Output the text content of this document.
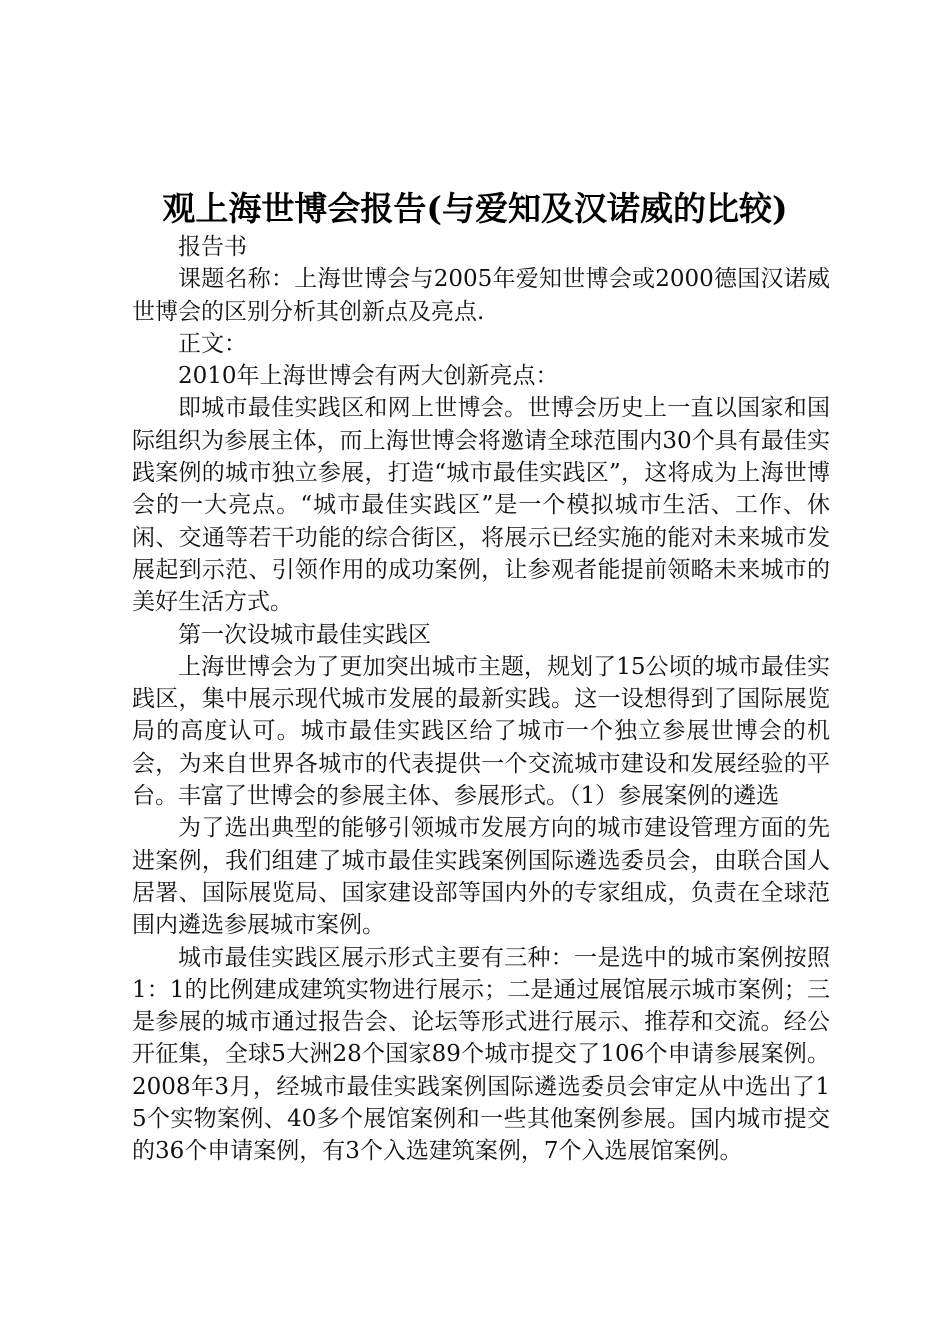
观上海世博会报告(与爱知及汉诺威的比较)

报告书

课题名称：上海世博会与2005年爱知世博会或2000德国汉诺威世博会的区别分析其创新点及亮点.

正文：

2010年上海世博会有两大创新亮点：

即城市最佳实践区和网上世博会。世博会历史上一直以国家和国际组织为参展主体，而上海世博会将邀请全球范围内30个具有最佳实践案例的城市独立参展，打造“城市最佳实践区”，这将成为上海世博会的一大亮点。“城市最佳实践区”是一个模拟城市生活、工作、休闲、交通等若干功能的综合街区，将展示已经实施的能对未来城市发展起到示范、引领作用的成功案例，让参观者能提前领略未来城市的美好生活方式。

第一次设城市最佳实践区

上海世博会为了更加突出城市主题，规划了15公顷的城市最佳实践区，集中展示现代城市发展的最新实践。这一设想得到了国际展览局的高度认可。城市最佳实践区给了城市一个独立参展世博会的机会，为来自世界各城市的代表提供一个交流城市建设和发展经验的平台。丰富了世博会的参展主体、参展形式。（1）参展案例的遴选

为了选出典型的能够引领城市发展方向的城市建设管理方面的先进案例，我们组建了城市最佳实践案例国际遴选委员会，由联合国人居署、国际展览局、国家建设部等国内外的专家组成，负责在全球范围内遴选参展城市案例。

城市最佳实践区展示形式主要有三种：一是选中的城市案例按照1：1的比例建成建筑实物进行展示；二是通过展馆展示城市案例；三是参展的城市通过报告会、论坛等形式进行展示、推荐和交流。经公开征集，全球5大洲28个国家89个城市提交了106个申请参展案例。2008年3月，经城市最佳实践案例国际遴选委员会审定从中选出了15个实物案例、40多个展馆案例和一些其他案例参展。国内城市提交的36个申请案例，有3个入选建筑案例，7个入选展馆案例。
